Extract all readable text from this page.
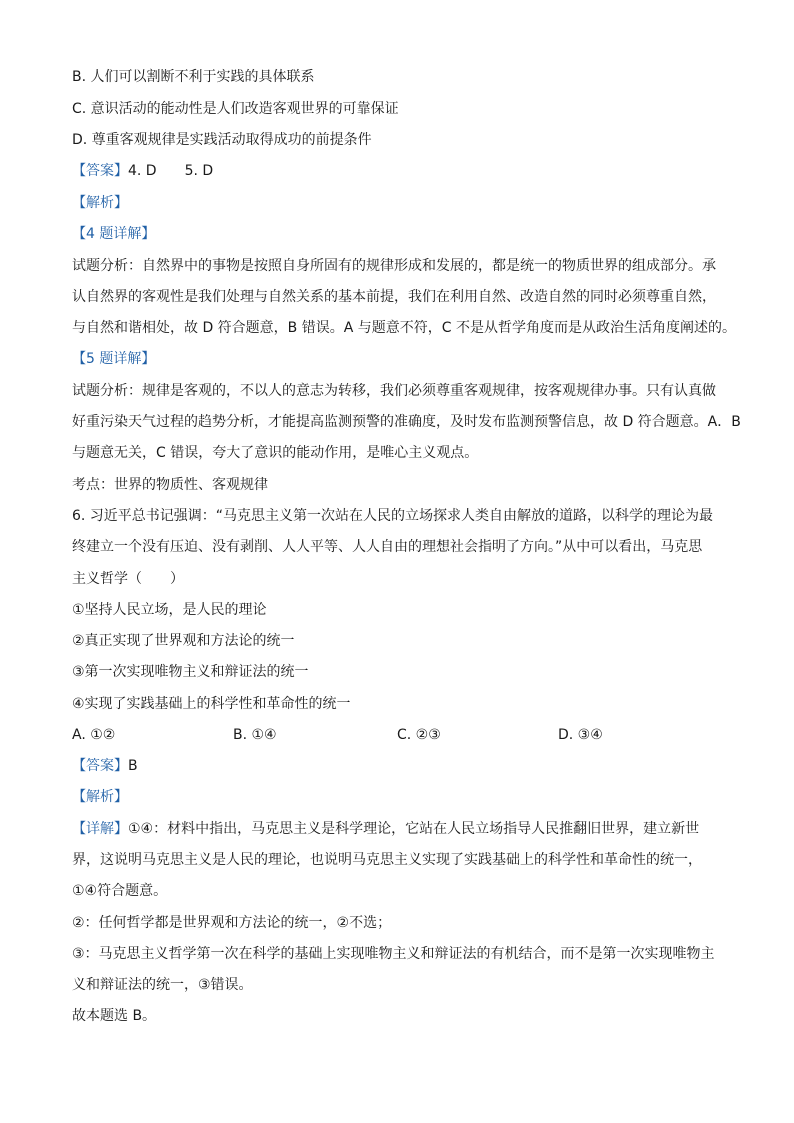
B. 人们可以割断不利于实践的具体联系
C. 意识活动的能动性是人们改造客观世界的可靠保证
D. 尊重客观规律是实践活动取得成功的前提条件
【答案】4. D　　5. D
【解析】
【4 题详解】
试题分析：自然界中的事物是按照自身所固有的规律形成和发展的，都是统一的物质世界的组成部分。承
认自然界的客观性是我们处理与自然关系的基本前提，我们在利用自然、改造自然的同时必须尊重自然，
与自然和谐相处，故 D 符合题意，B 错误。A 与题意不符，C 不是从哲学角度而是从政治生活角度阐述的。
【5 题详解】
试题分析：规律是客观的，不以人的意志为转移，我们必须尊重客观规律，按客观规律办事。只有认真做
好重污染天气过程的趋势分析，才能提高监测预警的准确度，及时发布监测预警信息，故 D 符合题意。A．B
与题意无关，C 错误，夸大了意识的能动作用，是唯心主义观点。
考点：世界的物质性、客观规律
6. 习近平总书记强调：“马克思主义第一次站在人民的立场探求人类自由解放的道路，以科学的理论为最
终建立一个没有压迫、没有剥削、人人平等、人人自由的理想社会指明了方向。”从中可以看出，马克思
主义哲学（　　）
①坚持人民立场，是人民的理论
②真正实现了世界观和方法论的统一
③第一次实现唯物主义和辩证法的统一
④实现了实践基础上的科学性和革命性的统一
A. ①②	B. ①④	C. ②③	D. ③④
【答案】B
【解析】
【详解】①④：材料中指出，马克思主义是科学理论，它站在人民立场指导人民推翻旧世界，建立新世
界，这说明马克思主义是人民的理论，也说明马克思主义实现了实践基础上的科学性和革命性的统一，
①④符合题意。
②：任何哲学都是世界观和方法论的统一，②不选；
③：马克思主义哲学第一次在科学的基础上实现唯物主义和辩证法的有机结合，而不是第一次实现唯物主
义和辩证法的统一，③错误。
故本题选 B。
